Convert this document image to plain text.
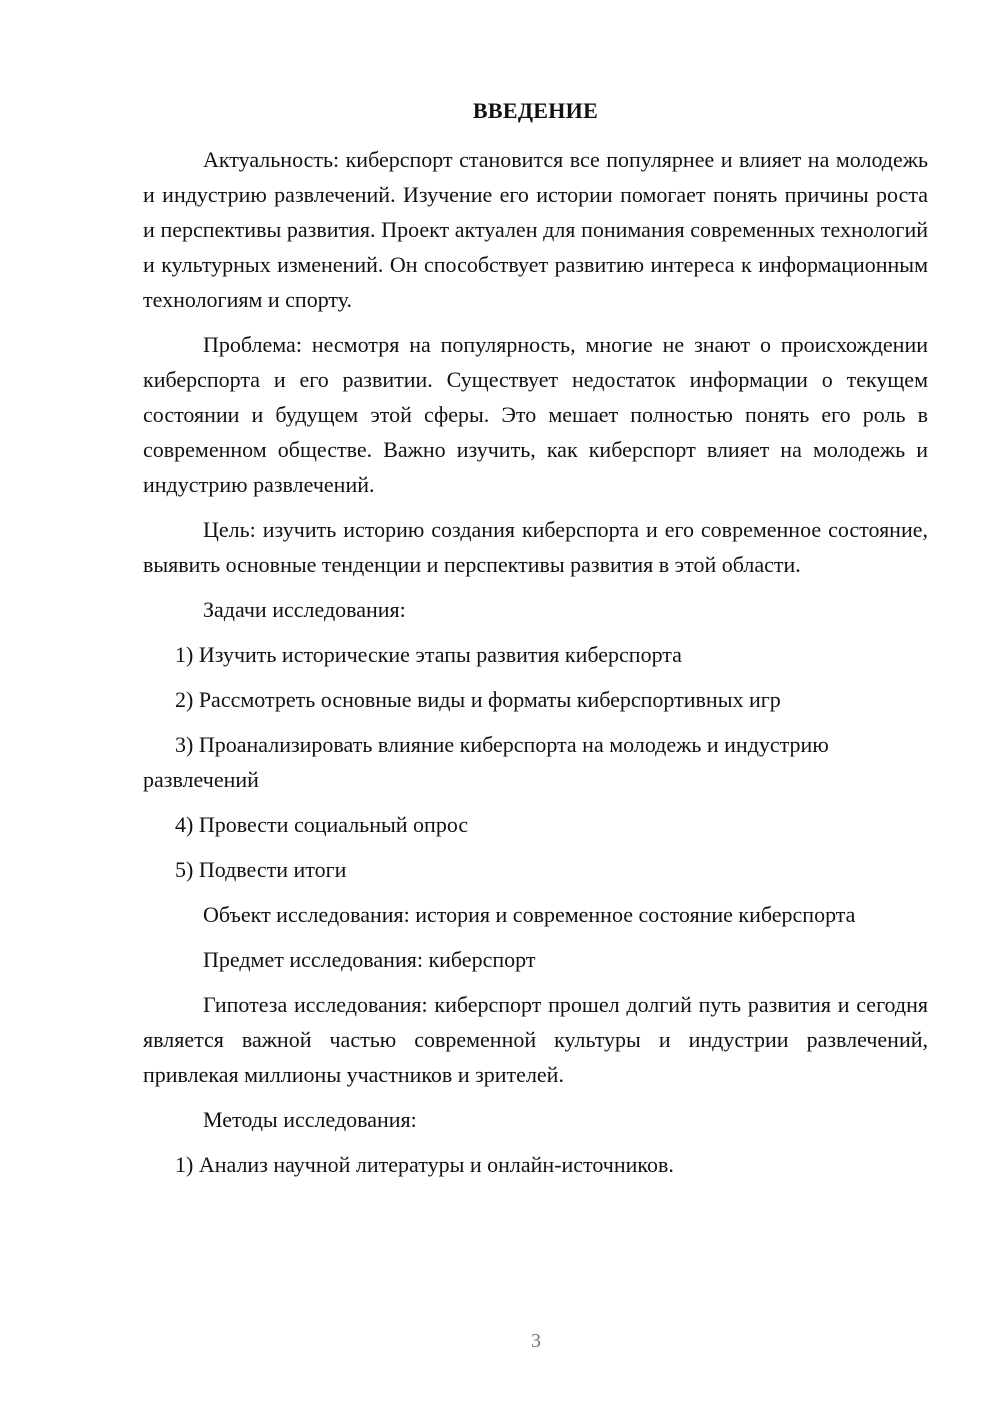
ВВЕДЕНИЕ
Актуальность: киберспорт становится все популярнее и влияет на молодежь и индустрию развлечений. Изучение его истории помогает понять причины роста и перспективы развития. Проект актуален для понимания современных технологий и культурных изменений. Он способствует развитию интереса к информационным технологиям и спорту.
Проблема: несмотря на популярность, многие не знают о происхождении киберспорта и его развитии. Существует недостаток информации о текущем состоянии и будущем этой сферы. Это мешает полностью понять его роль в современном обществе. Важно изучить, как киберспорт влияет на молодежь и индустрию развлечений.
Цель: изучить историю создания киберспорта и его современное состояние, выявить основные тенденции и перспективы развития в этой области.
Задачи исследования:
1) Изучить исторические этапы развития киберспорта
2) Рассмотреть основные виды и форматы киберспортивных игр
3) Проанализировать влияние киберспорта на молодежь и индустрию развлечений
4) Провести социальный опрос
5) Подвести итоги
Объект исследования: история и современное состояние киберспорта
Предмет исследования: киберспорт
Гипотеза исследования: киберспорт прошел долгий путь развития и сегодня является важной частью современной культуры и индустрии развлечений, привлекая миллионы участников и зрителей.
Методы исследования:
1) Анализ научной литературы и онлайн-источников.
3
